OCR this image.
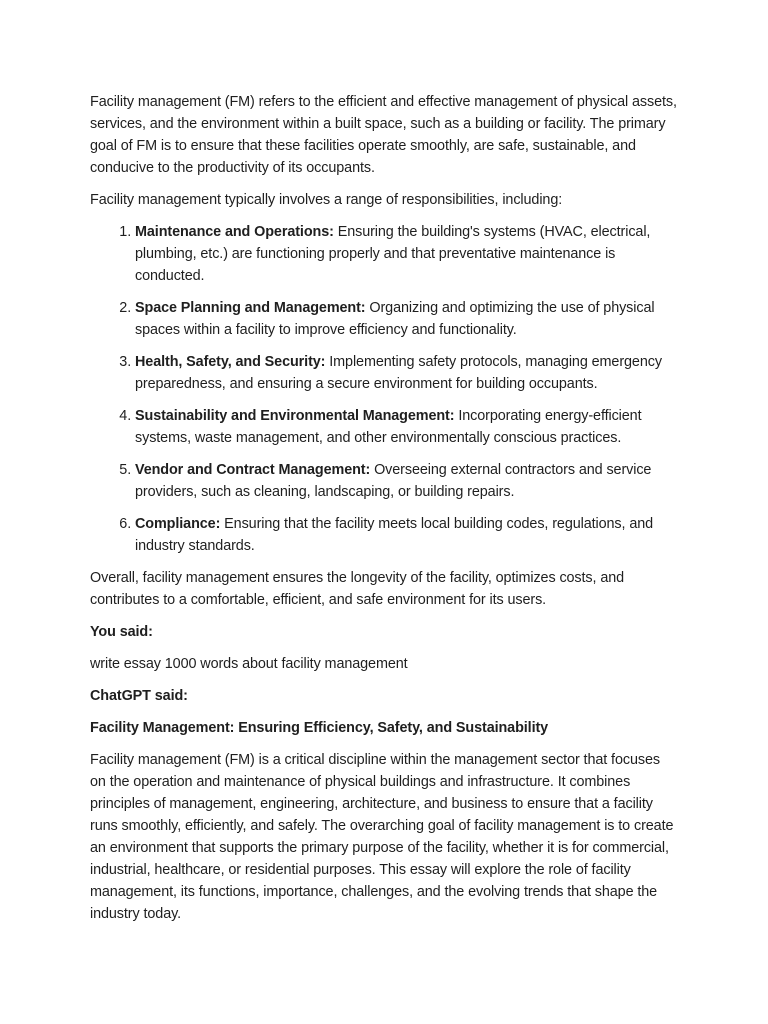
Facility management (FM) refers to the efficient and effective management of physical assets, services, and the environment within a built space, such as a building or facility. The primary goal of FM is to ensure that these facilities operate smoothly, are safe, sustainable, and conducive to the productivity of its occupants.

Facility management typically involves a range of responsibilities, including:

1. Maintenance and Operations: Ensuring the building's systems (HVAC, electrical, plumbing, etc.) are functioning properly and that preventative maintenance is conducted.
2. Space Planning and Management: Organizing and optimizing the use of physical spaces within a facility to improve efficiency and functionality.
3. Health, Safety, and Security: Implementing safety protocols, managing emergency preparedness, and ensuring a secure environment for building occupants.
4. Sustainability and Environmental Management: Incorporating energy-efficient systems, waste management, and other environmentally conscious practices.
5. Vendor and Contract Management: Overseeing external contractors and service providers, such as cleaning, landscaping, or building repairs.
6. Compliance: Ensuring that the facility meets local building codes, regulations, and industry standards.

Overall, facility management ensures the longevity of the facility, optimizes costs, and contributes to a comfortable, efficient, and safe environment for its users.

You said:

write essay 1000 words about facility management

ChatGPT said:

Facility Management: Ensuring Efficiency, Safety, and Sustainability

Facility management (FM) is a critical discipline within the management sector that focuses on the operation and maintenance of physical buildings and infrastructure. It combines principles of management, engineering, architecture, and business to ensure that a facility runs smoothly, efficiently, and safely. The overarching goal of facility management is to create an environment that supports the primary purpose of the facility, whether it is for commercial, industrial, healthcare, or residential purposes. This essay will explore the role of facility management, its functions, importance, challenges, and the evolving trends that shape the industry today.
